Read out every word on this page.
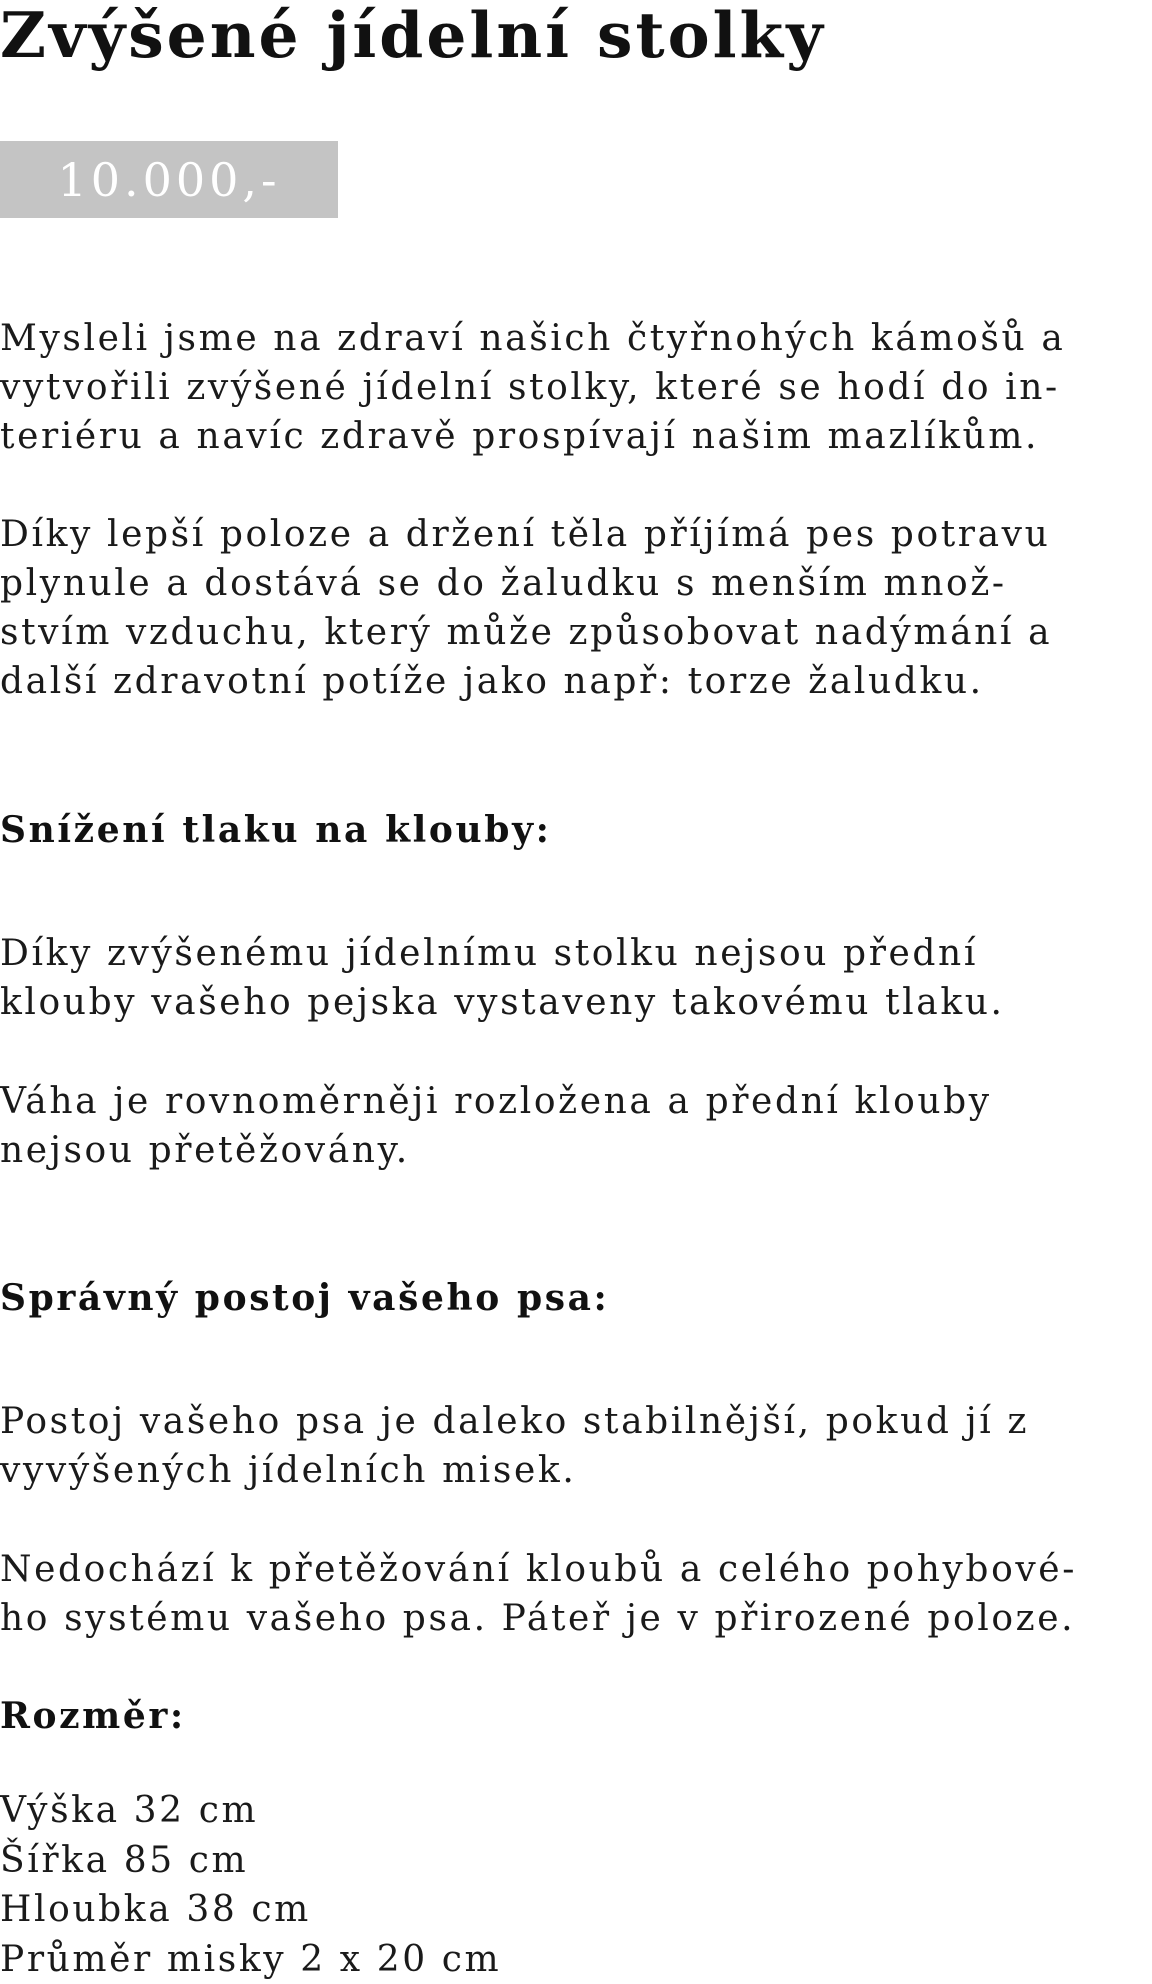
Zvýšené jídelní stolky
10.000,-

Mysleli jsme na zdraví našich čtyřnohých kámošů a
vytvořili zvýšené jídelní stolky, které se hodí do in-
teriéru a navíc zdravě prospívají našim mazlíkům.

Díky lepší poloze a držení těla příjímá pes potravu
plynule a dostává se do žaludku s menším množ-
stvím vzduchu, který může způsobovat nadýmání a
další zdravotní potíže jako např: torze žaludku.

Snížení tlaku na klouby:

Díky zvýšenému jídelnímu stolku nejsou přední
klouby vašeho pejska vystaveny takovému tlaku.

Váha je rovnoměrněji rozložena a přední klouby
nejsou přetěžovány.

Správný postoj vašeho psa:

Postoj vašeho psa je daleko stabilnější, pokud jí z
vyvýšených jídelních misek.

Nedochází k přetěžování kloubů a celého pohybové-
ho systému vašeho psa. Páteř je v přirozené poloze.

Rozměr:
Výška 32 cm
Šířka 85 cm
Hloubka 38 cm
Průměr misky 2 x 20 cm
